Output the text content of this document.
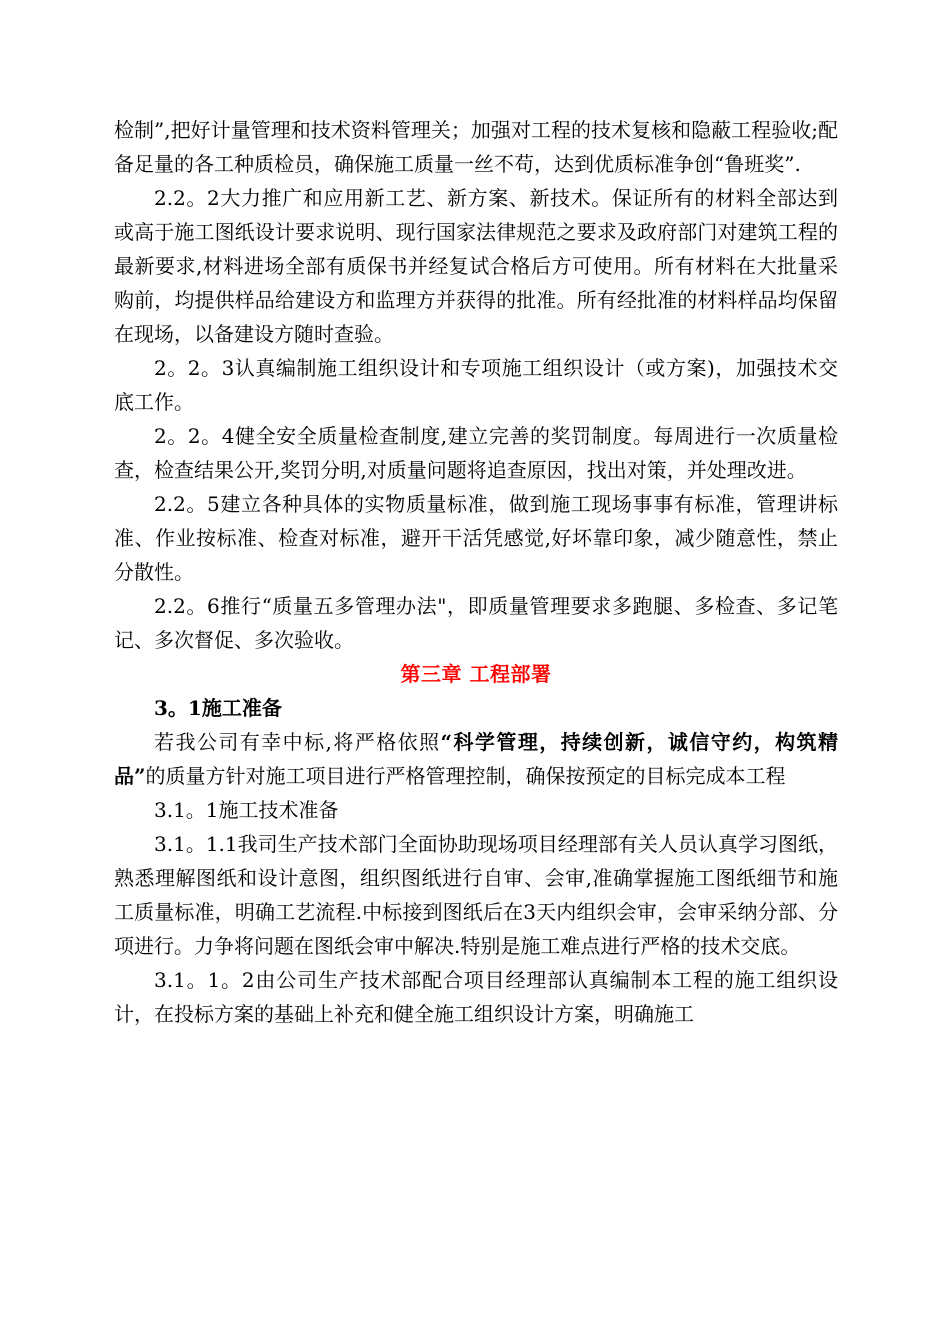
检制”,把好计量管理和技术资料管理关；加强对工程的技术复核和隐蔽工程验收;配备足量的各工种质检员，确保施工质量一丝不苟，达到优质标准争创“鲁班奖”.

2.2。2大力推广和应用新工艺、新方案、新技术。保证所有的材料全部达到或高于施工图纸设计要求说明、现行国家法律规范之要求及政府部门对建筑工程的最新要求,材料进场全部有质保书并经复试合格后方可使用。所有材料在大批量采购前，均提供样品给建设方和监理方并获得的批准。所有经批准的材料样品均保留在现场，以备建设方随时查验。

2。2。3认真编制施工组织设计和专项施工组织设计（或方案)，加强技术交底工作。

2。2。4健全安全质量检查制度,建立完善的奖罚制度。每周进行一次质量检查，检查结果公开,奖罚分明,对质量问题将追查原因，找出对策，并处理改进。

2.2。5建立各种具体的实物质量标准，做到施工现场事事有标准，管理讲标准、作业按标准、检查对标准，避开干活凭感觉,好坏靠印象，减少随意性，禁止分散性。

2.2。6推行“质量五多管理办法"，即质量管理要求多跑腿、多检查、多记笔记、多次督促、多次验收。

第三章 工程部署

3。1施工准备

若我公司有幸中标,将严格依照“科学管理，持续创新，诚信守约，构筑精品”的质量方针对施工项目进行严格管理控制，确保按预定的目标完成本工程

3.1。1施工技术准备

3.1。1.1我司生产技术部门全面协助现场项目经理部有关人员认真学习图纸，熟悉理解图纸和设计意图，组织图纸进行自审、会审,准确掌握施工图纸细节和施工质量标准，明确工艺流程.中标接到图纸后在3天内组织会审，会审采纳分部、分项进行。力争将问题在图纸会审中解决.特别是施工难点进行严格的技术交底。

3.1。1。2由公司生产技术部配合项目经理部认真编制本工程的施工组织设计，在投标方案的基础上补充和健全施工组织设计方案，明确施工
